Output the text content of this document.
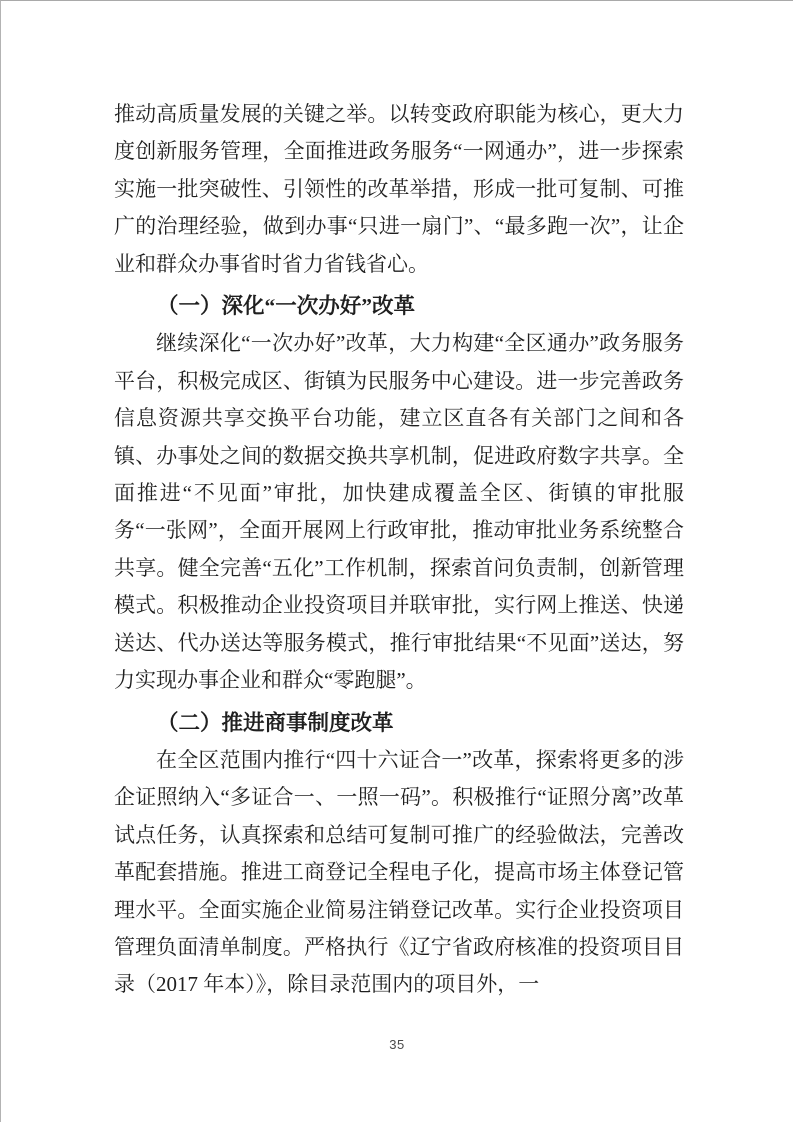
推动高质量发展的关键之举。以转变政府职能为核心，更大力度创新服务管理，全面推进政务服务“一网通办”，进一步探索实施一批突破性、引领性的改革举措，形成一批可复制、可推广的治理经验，做到办事“只进一扇门”、“最多跑一次”，让企业和群众办事省时省力省钱省心。

（一）深化“一次办好”改革

继续深化“一次办好”改革，大力构建“全区通办”政务服务平台，积极完成区、街镇为民服务中心建设。进一步完善政务信息资源共享交换平台功能，建立区直各有关部门之间和各镇、办事处之间的数据交换共享机制，促进政府数字共享。全面推进“不见面”审批，加快建成覆盖全区、街镇的审批服务“一张网”，全面开展网上行政审批，推动审批业务系统整合共享。健全完善“五化”工作机制，探索首问负责制，创新管理模式。积极推动企业投资项目并联审批，实行网上推送、快递送达、代办送达等服务模式，推行审批结果“不见面”送达，努力实现办事企业和群众“零跑腿”。

（二）推进商事制度改革

在全区范围内推行“四十六证合一”改革，探索将更多的涉企证照纳入“多证合一、一照一码”。积极推行“证照分离”改革试点任务，认真探索和总结可复制可推广的经验做法，完善改革配套措施。推进工商登记全程电子化，提高市场主体登记管理水平。全面实施企业简易注销登记改革。实行企业投资项目管理负面清单制度。严格执行《辽宁省政府核准的投资项目目录（2017 年本）》，除目录范围内的项目外，一

35
